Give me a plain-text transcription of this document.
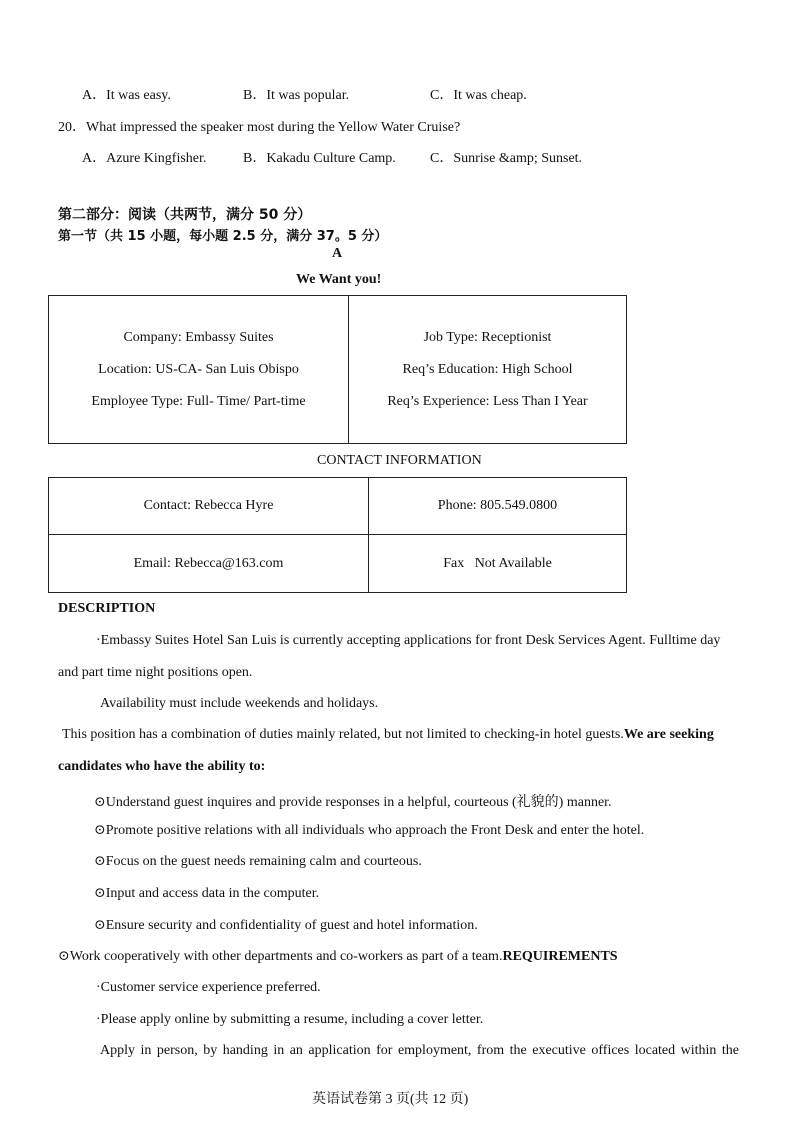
A．It was easy.	B．It was popular.	C．It was cheap.
20．What impressed the speaker most during the Yellow Water Cruise?
A．Azure Kingfisher.	B．Kakadu Culture Camp. C．Sunrise &amp; Sunset.
第二部分：阅读（共两节，满分 50 分）
第一节（共 15 小题，每小题 2.5 分，满分 37。5 分）
A
We Want you!
Company: Embassy Suites
Location: US-CA- San Luis Obispo
Employee Type: Full- Time/ Part-time

Job Type: Receptionist
Req’s Education: High School
Req’s Experience: Less Than I Year
CONTACT INFORMATION
Contact: Rebecca Hyre	Phone: 805.549.0800
Email: Rebecca@163.com	Fax   Not Available
DESCRIPTION
·Embassy Suites Hotel San Luis is currently accepting applications for front Desk Services Agent. Fulltime day
and part time night positions open.
Availability must include weekends and holidays.
This position has a combination of duties mainly related, but not limited to checking-in hotel guests.We are seeking
candidates who have the ability to:
⊙Understand guest inquires and provide responses in a helpful, courteous (礼貌的) manner.
⊙Promote positive relations with all individuals who approach the Front Desk and enter the hotel.
⊙Focus on the guest needs remaining calm and courteous.
⊙Input and access data in the computer.
⊙Ensure security and confidentiality of guest and hotel information.
⊙Work cooperatively with other departments and co-workers as part of a team.REQUIREMENTS
·Customer service experience preferred.
·Please apply online by submitting a resume, including a cover letter.
Apply in person, by handing in an application for employment, from the executive offices located within the
英语试卷第 3 页(共 12 页)
